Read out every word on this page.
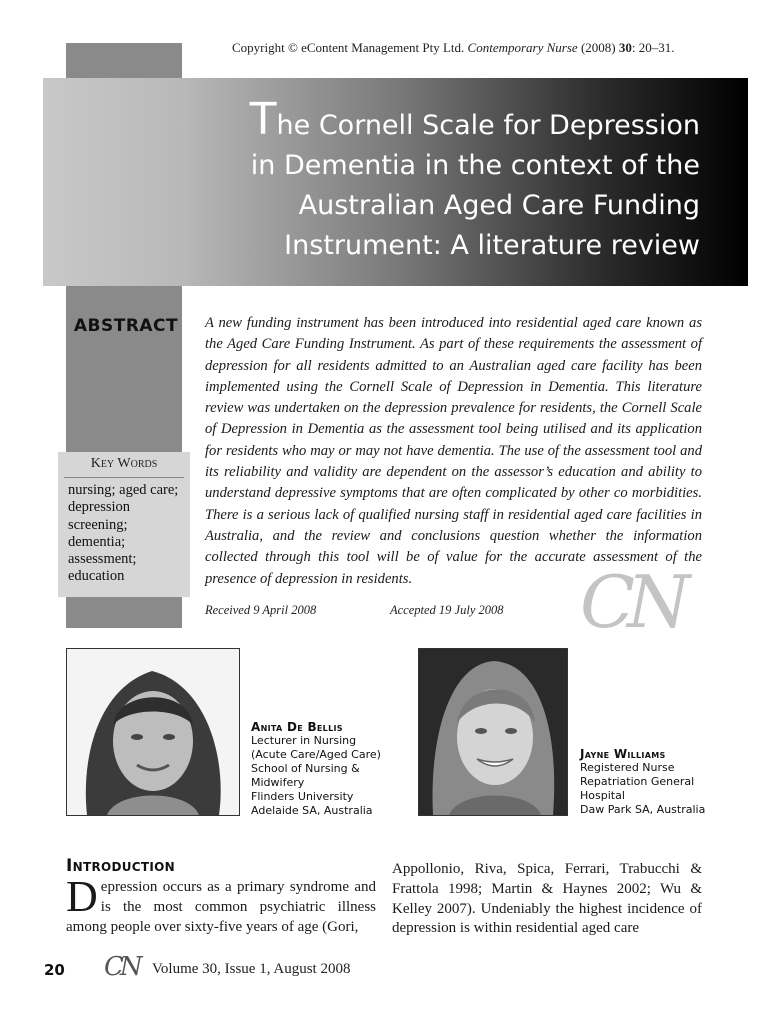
Copyright © eContent Management Pty Ltd. Contemporary Nurse (2008) 30: 20–31.
The Cornell Scale for Depression
in Dementia in the context of the
Australian Aged Care Funding
Instrument: A literature review
ABSTRACT
Key Words
nursing; aged care; depression screening; dementia; assessment; education
A new funding instrument has been introduced into residential aged care known as the Aged Care Funding Instrument. As part of these requirements the assessment of depression for all residents admitted to an Australian aged care facility has been implemented using the Cornell Scale of Depression in Dementia. This literature review was undertaken on the depression prevalence for residents, the Cornell Scale of Depression in Dementia as the assessment tool being utilised and its application for residents who may or may not have dementia. The use of the assessment tool and its reliability and validity are dependent on the assessor’s education and ability to understand depressive symptoms that are often complicated by other co morbidities. There is a serious lack of qualified nursing staff in residential aged care facilities in Australia, and the review and conclusions question whether the information collected through this tool will be of value for the accurate assessment of the presence of depression in residents.	CN
Received 9 April 2008	Accepted 19 July 2008
Anita De Bellis
Lecturer in Nursing
(Acute Care/Aged Care)
School of Nursing &
Midwifery
Flinders University
Adelaide SA, Australia
Jayne Williams
Registered Nurse
Repatriation General
Hospital
Daw Park SA, Australia
Introduction
Depression occurs as a primary syndrome and is the most common psychiatric illness among people over sixty-five years of age (Gori,
Appollonio, Riva, Spica, Ferrari, Trabucchi & Frattola 1998; Martin & Haynes 2002; Wu & Kelley 2007). Undeniably the highest incidence of depression is within residential aged care
20 CN Volume 30, Issue 1, August 2008
